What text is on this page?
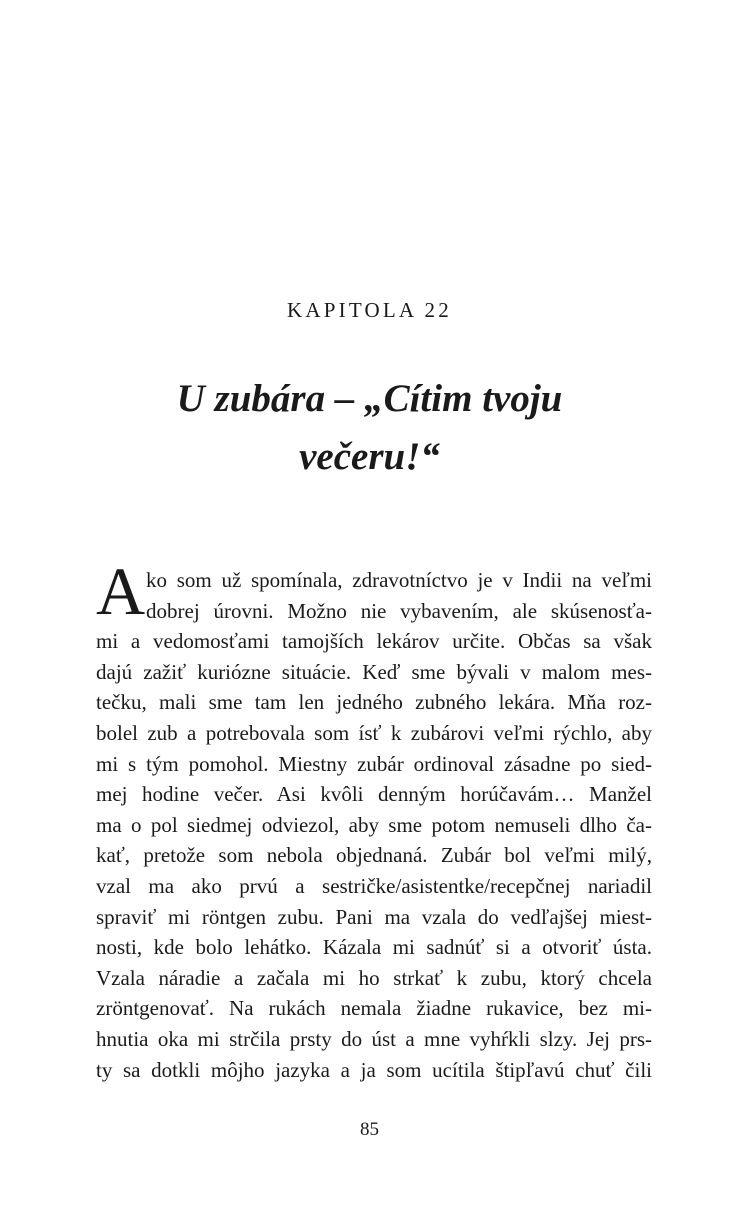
KAPITOLA 22
U zubára – „Cítim tvoju
večeru!“
A ko som už spomínala, zdravotníctvo je v Indii na veľmi
dobrej úrovni. Možno nie vybavením, ale skúsenosťa-
mi a vedomosťami tamojších lekárov určite. Občas sa však
dajú zažiť kuriózne situácie. Keď sme bývali v malom mes-
tečku, mali sme tam len jedného zubného lekára. Mňa roz-
bolel zub a potrebovala som ísť k zubárovi veľmi rýchlo, aby
mi s tým pomohol. Miestny zubár ordinoval zásadne po sied-
mej hodine večer. Asi kvôli denným horúčavám… Manžel
ma o pol siedmej odviezol, aby sme potom nemuseli dlho ča-
kať, pretože som nebola objednaná. Zubár bol veľmi milý,
vzal ma ako prvú a sestričke/asistentke/recepčnej nariadil
spraviť mi röntgen zubu. Pani ma vzala do vedľajšej miest-
nosti, kde bolo lehátko. Kázala mi sadnúť si a otvoriť ústa.
Vzala náradie a začala mi ho strkať k zubu, ktorý chcela
zröntgenovať. Na rukách nemala žiadne rukavice, bez mi-
hnutia oka mi strčila prsty do úst a mne vyhŕkli slzy. Jej prs-
ty sa dotkli môjho jazyka a ja som ucítila štipľavú chuť čili
85
